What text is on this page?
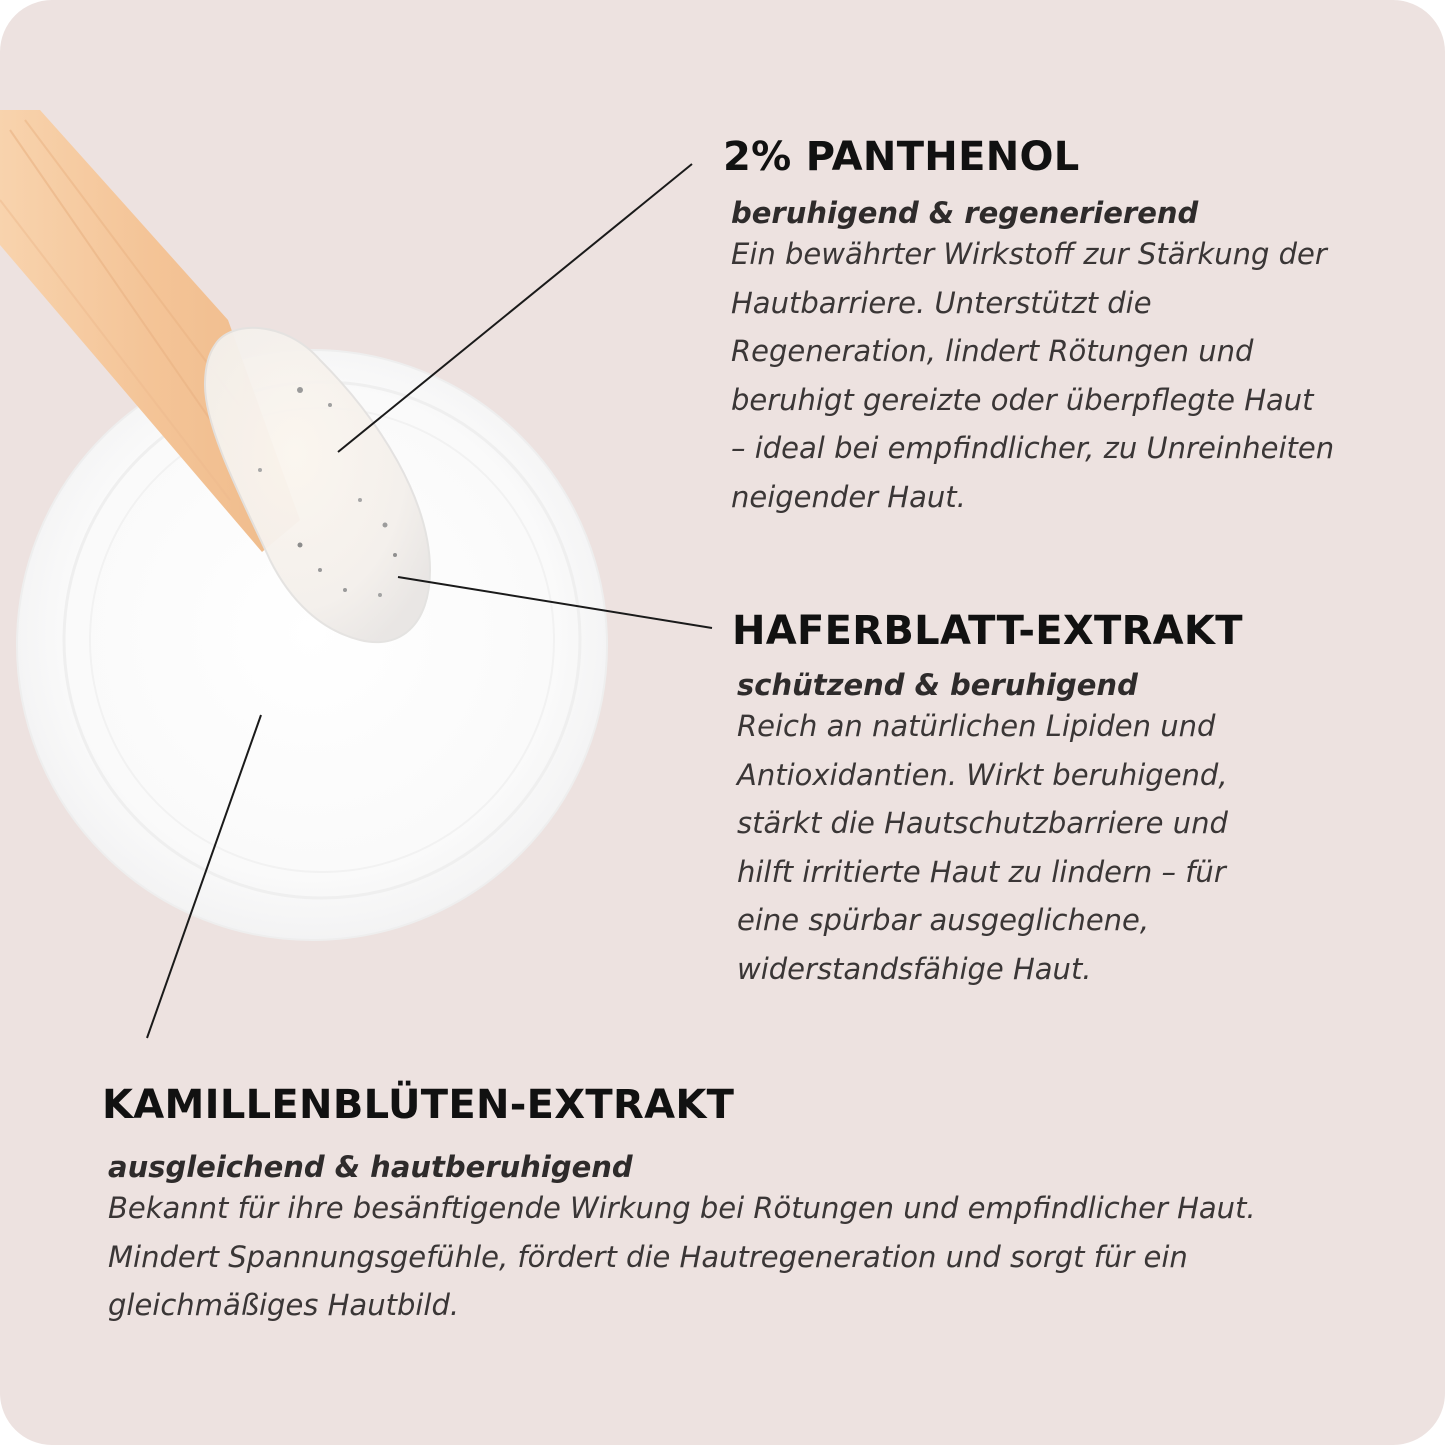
2% PANTHENOL
beruhigend & regenerierend
Ein bewährter Wirkstoff zur Stärkung der
Hautbarriere. Unterstützt die
Regeneration, lindert Rötungen und
beruhigt gereizte oder überpflegte Haut
– ideal bei empfindlicher, zu Unreinheiten
neigender Haut.
HAFERBLATT-EXTRAKT
schützend & beruhigend
Reich an natürlichen Lipiden und
Antioxidantien. Wirkt beruhigend,
stärkt die Hautschutzbarriere und
hilft irritierte Haut zu lindern – für
eine spürbar ausgeglichene,
widerstandsfähige Haut.
KAMILLENBLÜTEN-EXTRAKT
ausgleichend & hautberuhigend
Bekannt für ihre besänftigende Wirkung bei Rötungen und empfindlicher Haut.
Mindert Spannungsgefühle, fördert die Hautregeneration und sorgt für ein
gleichmäßiges Hautbild.
